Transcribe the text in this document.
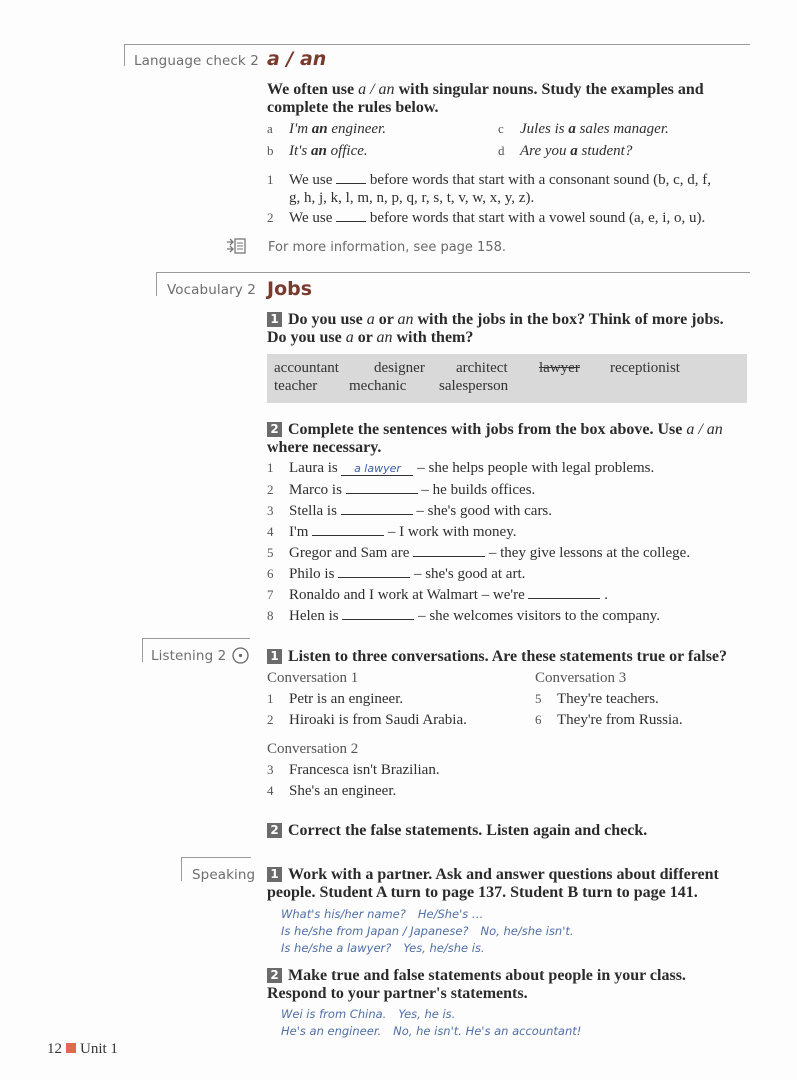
Language check 2 a / an
We often use a / an with singular nouns. Study the examples and complete the rules below.
a I'm an engineer.
b It's an office.
c Jules is a sales manager.
d Are you a student?
1 We use	before words that start with a consonant sound (b, c, d, f,
g, h, j, k, l, m, n, p, q, r, s, t, v, w, x, y, z).
2 We use	before words that start with a vowel sound (a, e, i, o, u).
For more information, see page 158.
Vocabulary 2 Jobs
1 Do you use a or an with the jobs in the box? Think of more jobs. Do you use a or an with them?
accountant designer architect lawyer receptionist
teacher mechanic salesperson
2 Complete the sentences with jobs from the box above. Use a / an where necessary.
1 Laura is a lawyer – she helps people with legal problems.
2 Marco is	– he builds offices.
3 Stella is	– she's good with cars.
4 I'm	– I work with money.
5 Gregor and Sam are	– they give lessons at the college.
6 Philo is	– she's good at art.
7 Ronaldo and I work at Walmart – we're	.
8 Helen is	– she welcomes visitors to the company.
Listening 2	1 Listen to three conversations. Are these statements true or false?
Conversation 1
1 Petr is an engineer.
2 Hiroaki is from Saudi Arabia.
Conversation 3
5 They're teachers.
6 They're from Russia.
Conversation 2
3 Francesca isn't Brazilian.
4 She's an engineer.
2 Correct the false statements. Listen again and check.
Speaking 1 Work with a partner. Ask and answer questions about different people. Student A turn to page 137. Student B turn to page 141.
What's his/her name? He/She's …
Is he/she from Japan / Japanese? No, he/she isn't.
Is he/she a lawyer? Yes, he/she is.
2 Make true and false statements about people in your class. Respond to your partner's statements.
Wei is from China. Yes, he is.
He's an engineer. No, he isn't. He's an accountant!
12 Unit 1
